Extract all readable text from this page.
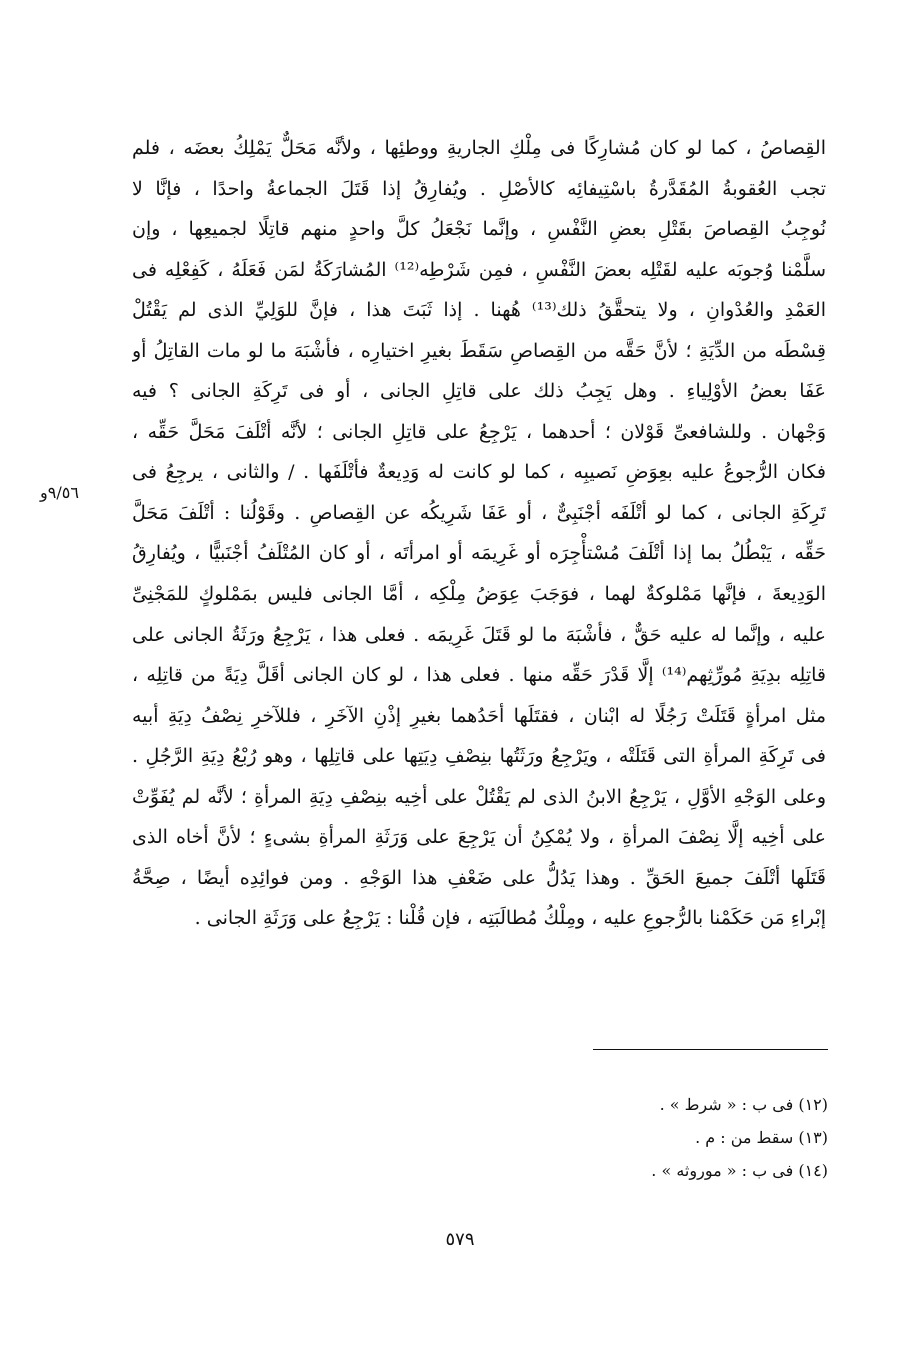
القِصاصُ ، كما لو كان مُشارِكًا فى مِلْكِ الجاريةِ ووطئِها ، ولأنَّه مَحَلٌّ يَمْلِكُ بعضَه ، فلم
تجب العُقوبةُ المُقَدَّرةُ باسْتِيفائِه كالأصْلِ . ويُفارِقُ إذا قَتَلَ الجماعةُ واحدًا ، فإنَّا لا
نُوجِبُ القِصاصَ بقَتْلِ بعضِ النَّفْسِ ، وإنَّما نَجْعَلُ كلَّ واحدٍ منهم قاتِلًا لجميعِها ، وإن
سلَّمْنا وُجوبَه عليه لقَتْلِه بعضَ النَّفْسِ ، فمِن شَرْطِه⁽¹²⁾ المُشارَكَةُ لمَن فَعَلَهُ ، كَفِعْلِه فى
العَمْدِ والعُدْوانِ ، ولا يتحقَّقُ ذلك⁽¹³⁾ هُهنا . إذا ثَبَتَ هذا ، فإنَّ للوَلِيِّ الذى لم يَقْتُلْ
قِسْطَه من الدِّيَةِ ؛ لأنَّ حَقَّه من القِصاصِ سَقَطَ بغيرِ اختيارِه ، فأشْبَهَ ما لو مات القاتِلُ أو
عَفَا بعضُ الأوْلِياءِ . وهل يَجِبُ ذلك على قاتِلِ الجانى ، أو فى تَرِكَةِ الجانى ؟ فيه
وَجْهان . وللشافعىِّ قَوْلان ؛ أحدهما ، يَرْجِعُ على قاتِلِ الجانى ؛ لأنَّه أتْلَفَ مَحَلَّ حَقِّه ،
فكان الرُّجوعُ عليه بعِوَضِ نَصيبِه ، كما لو كانت له وَدِيعةٌ فأتْلَفَها . / والثانى ، يرجِعُ فى
تَرِكَةِ الجانى ، كما لو أتْلَفَه أجْنَبِىٌّ ، أو عَفَا شَرِيكُه عن القِصاصِ . وقَوْلُنا : أتْلَفَ مَحَلَّ
حَقِّه ، يَبْطُلُ بما إذا أتْلَفَ مُسْتأْجِرَه أو غَرِيمَه أو امرأتَه ، أو كان المُتْلَفُ أجْنَبيًّا ، ويُفارِقُ
الوَدِيعةَ ، فإنَّها مَمْلوكةٌ لهما ، فوَجَبَ عِوَضُ مِلْكِه ، أمَّا الجانى فليس بمَمْلوكٍ للمَجْنِىِّ
عليه ، وإنَّما له عليه حَقٌّ ، فأشْبَهَ ما لو قَتَلَ غَرِيمَه . فعلى هذا ، يَرْجِعُ ورَثَةُ الجانى على
قاتِلِه بدِيَةِ مُورِّثِهم⁽¹⁴⁾ إلَّا قَدْرَ حَقِّه منها . فعلى هذا ، لو كان الجانى أقَلَّ دِيَةً من قاتِلِه ،
مثل امرأةٍ قَتَلَتْ رَجُلًا له ابْنان ، فقتَلَها أحَدُهما بغيرِ إذْنِ الآخَرِ ، فللآخرِ نِصْفُ دِيَةِ أبيه
فى تَرِكَةِ المرأةِ التى قَتَلَتْه ، ويَرْجِعُ ورَثَتُها بنِصْفِ دِيَتِها على قاتِلِها ، وهو رُبْعُ دِيَةِ الرَّجُلِ .
وعلى الوَجْهِ الأوَّلِ ، يَرْجِعُ الابنُ الذى لم يَقْتُلْ على أخِيه بنِصْفِ دِيَةِ المرأةِ ؛ لأنَّه لم يُفَوِّتْ
على أخِيه إلَّا نِصْفَ المرأةِ ، ولا يُمْكِنُ أن يَرْجِعَ على وَرَثَةِ المرأةِ بشىءٍ ؛ لأنَّ أخاه الذى
قَتَلَها أتْلَفَ جميعَ الحَقِّ . وهذا يَدُلُّ على ضَعْفِ هذا الوَجْهِ . ومن فوائِدِه أيضًا ، صِحَّةُ
إبْراءِ مَن حَكَمْنا بالرُّجوعِ عليه ، ومِلْكُ مُطالَبَتِه ، فإن قُلْنا : يَرْجِعُ على وَرَثَةِ الجانى .
٩/٥٦و
(١٢) فى ب : « شرط » .
(١٣) سقط من : م .
(١٤) فى ب : « موروثه » .
٥٧٩
